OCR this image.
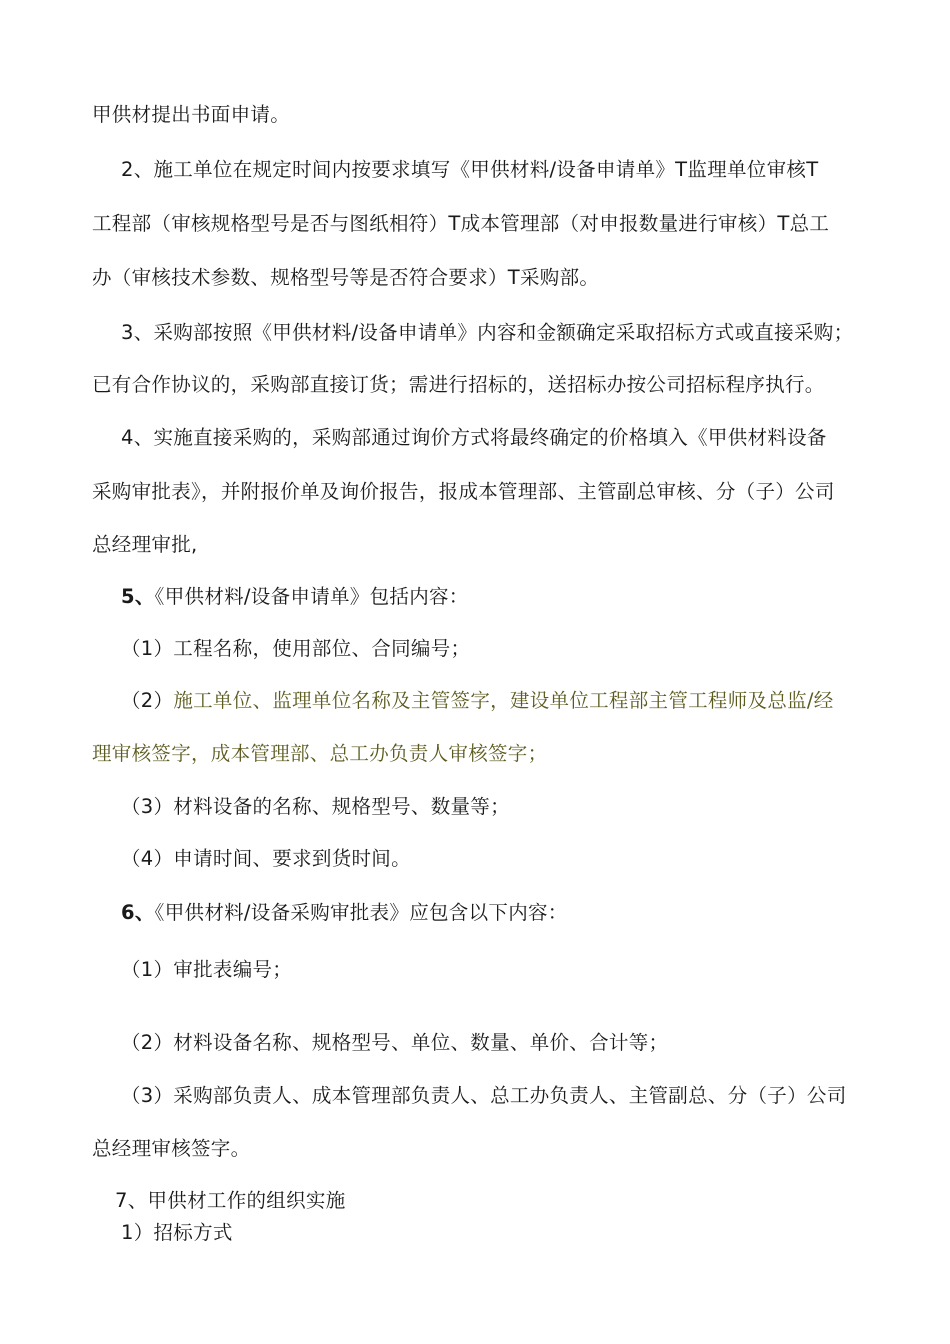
甲供材提出书面申请。
2、施工单位在规定时间内按要求填写《甲供材料/设备申请单》T监理单位审核T
工程部（审核规格型号是否与图纸相符）T成本管理部（对申报数量进行审核）T总工
办（审核技术参数、规格型号等是否符合要求）T采购部。
3、采购部按照《甲供材料/设备申请单》内容和金额确定采取招标方式或直接采购；
已有合作协议的，采购部直接订货；需进行招标的，送招标办按公司招标程序执行。
4、实施直接采购的，采购部通过询价方式将最终确定的价格填入《甲供材料设备
采购审批表》，并附报价单及询价报告，报成本管理部、主管副总审核、分（子）公司
总经理审批,
5、《甲供材料/设备申请单》包括内容：
（1）工程名称，使用部位、合同编号；
（2）施工单位、监理单位名称及主管签字，建设单位工程部主管工程师及总监/经
理审核签字，成本管理部、总工办负责人审核签字；
（3）材料设备的名称、规格型号、数量等；
（4）申请时间、要求到货时间。
6、《甲供材料/设备采购审批表》应包含以下内容：
（1）审批表编号；
（2）材料设备名称、规格型号、单位、数量、单价、合计等；
（3）采购部负责人、成本管理部负责人、总工办负责人、主管副总、分（子）公司
总经理审核签字。
7、甲供材工作的组织实施
1）招标方式
